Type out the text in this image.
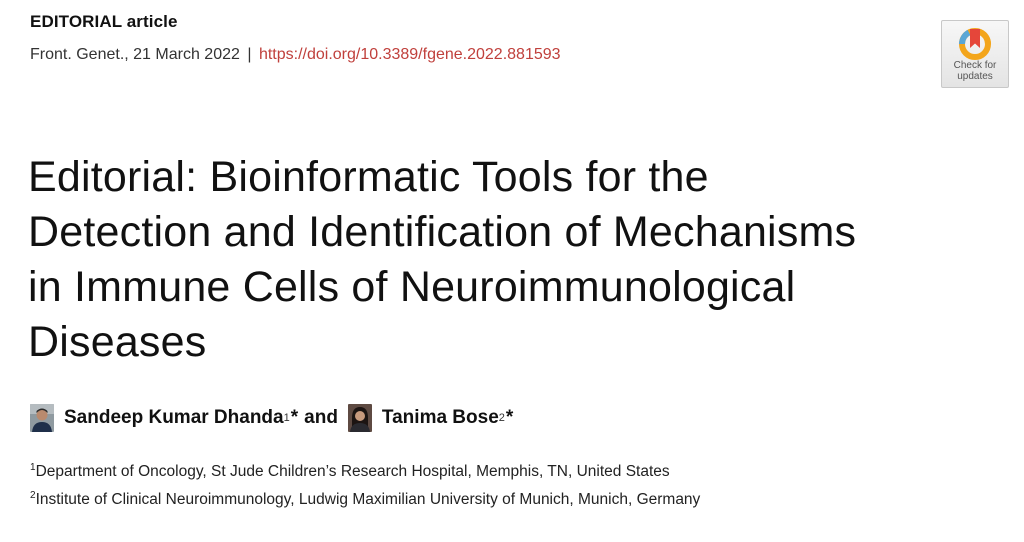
EDITORIAL article
Front. Genet., 21 March 2022 | https://doi.org/10.3389/fgene.2022.881593
Check for
updates
Editorial: Bioinformatic Tools for the
Detection and Identification of Mechanisms
in Immune Cells of Neuroimmunological
Diseases
Sandeep Kumar Dhanda 1 * and Tanima Bose 2 *
$^1$Department of Oncology, St Jude Children’s Research Hospital, Memphis, TN, United States
$^2$Institute of Clinical Neuroimmunology, Ludwig Maximilian University of Munich, Munich, Germany
